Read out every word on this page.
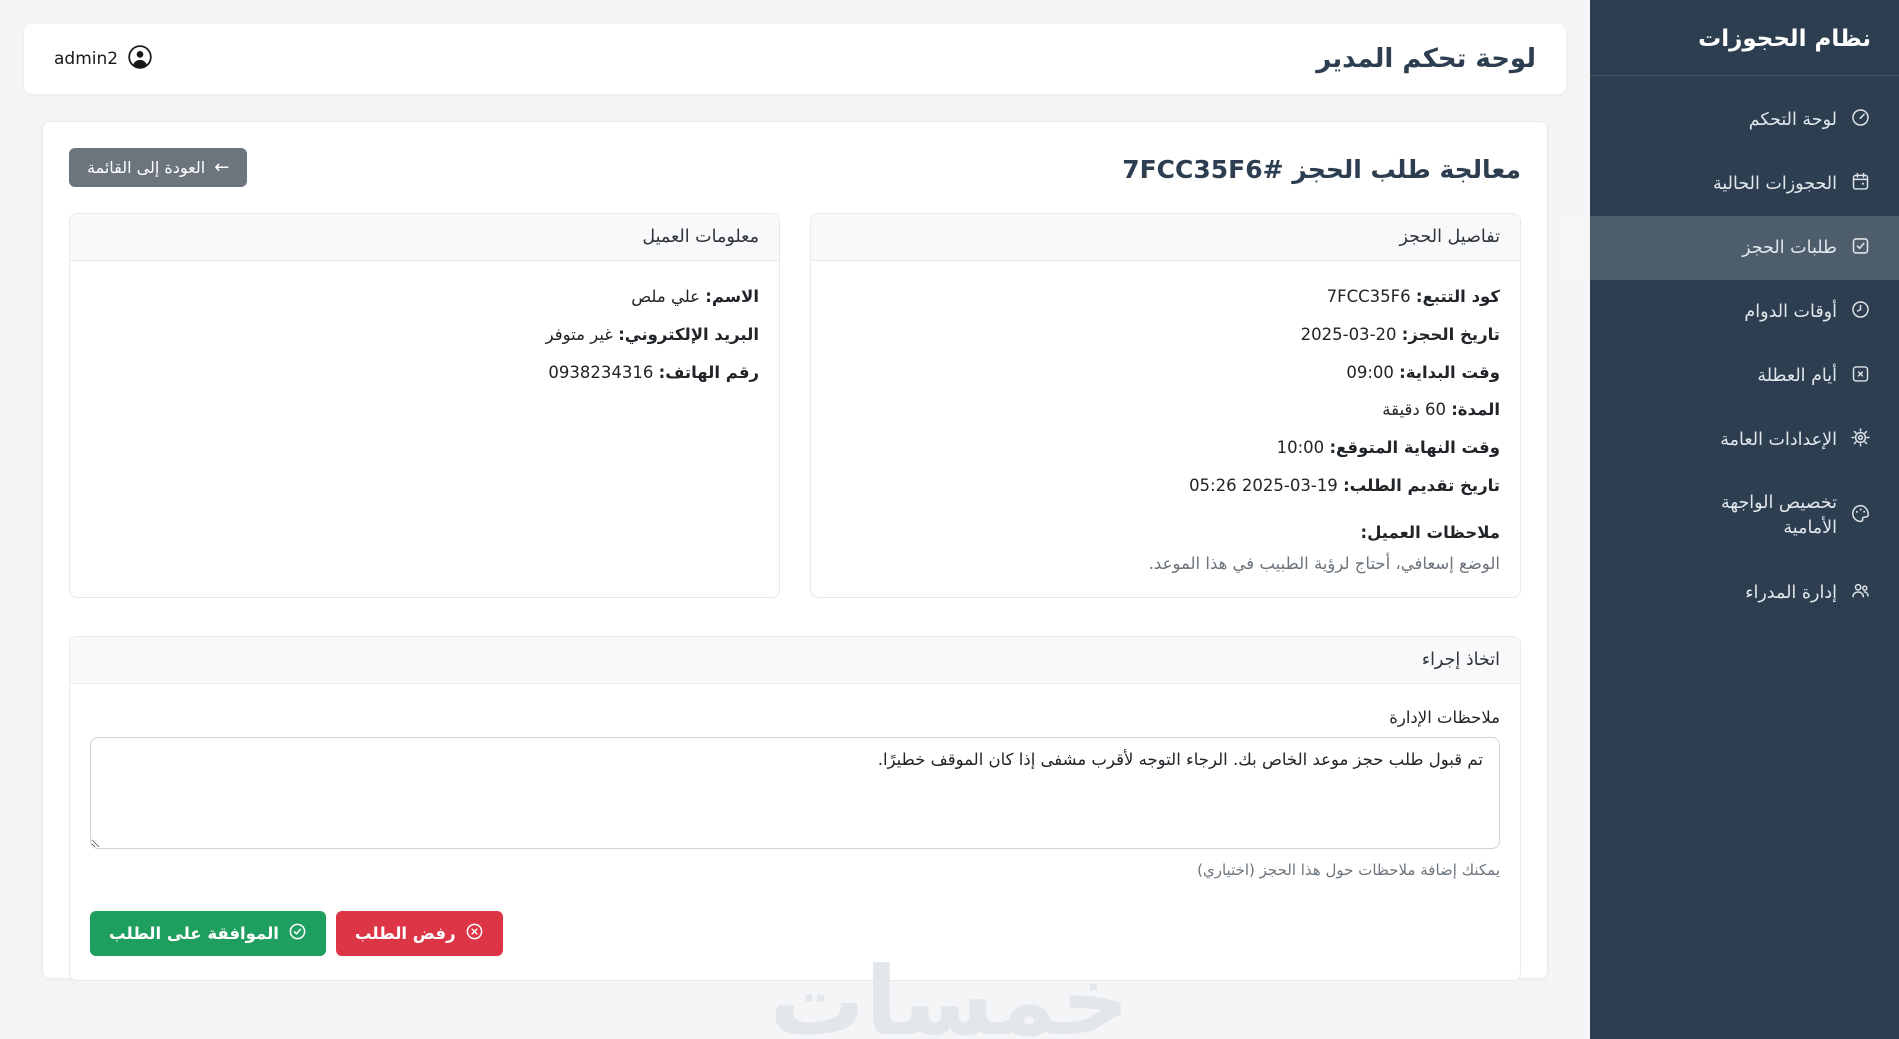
نظام الحجوزات
لوحة التحكم
الحجوزات الحالية
طلبات الحجز
أوقات الدوام
أيام العطلة
الإعدادات العامة
تخصيص الواجهة الأمامية
إدارة المدراء
لوحة تحكم المدير
admin2
معالجة طلب الحجز #7FCC35F6
←
العودة إلى القائمة
تفاصيل الحجز
كود التتبع: 7FCC35F6
تاريخ الحجز: 20-03-2025
وقت البداية: 09:00
المدة: 60 دقيقة
وقت النهاية المتوقع: 10:00
تاريخ تقديم الطلب: 19-03-2025 05:26
ملاحظات العميل:
الوضع إسعافي، أحتاج لرؤية الطبيب في هذا الموعد.
معلومات العميل
الاسم: علي ملص
البريد الإلكتروني: غير متوفر
رقم الهاتف: 0938234316
اتخاذ إجراء
ملاحظات الإدارة
تم قبول طلب حجز موعد الخاص بك. الرجاء التوجه لأقرب مشفى إذا كان الموقف خطيرًا.
يمكنك إضافة ملاحظات حول هذا الحجز (اختياري)
رفض الطلب
الموافقة على الطلب
خمسات
